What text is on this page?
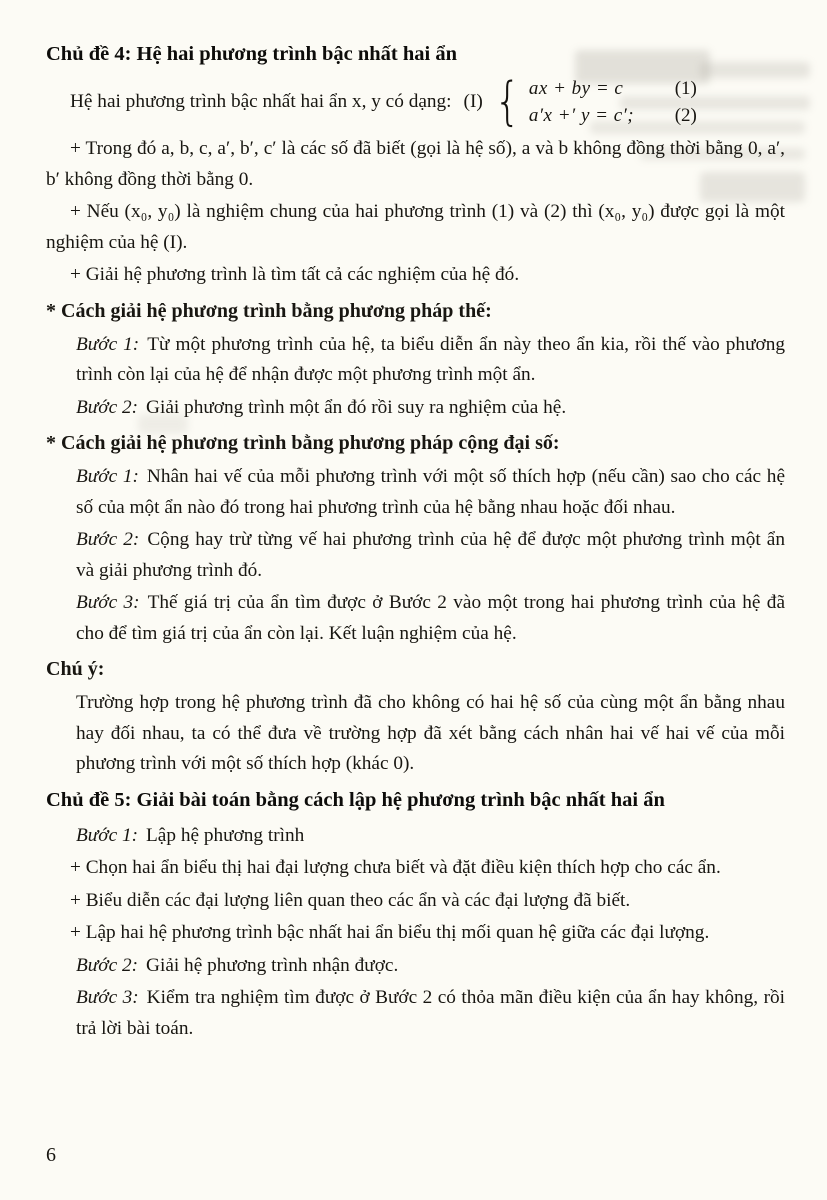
Chủ đề 4: Hệ hai phương trình bậc nhất hai ẩn

Hệ hai phương trình bậc nhất hai ẩn x, y có dạng: (I) { ax + by = c	(1)
a′x +′ y = c′;	(2)

+ Trong đó a, b, c, a′, b′, c′ là các số đã biết (gọi là hệ số), a và b không đồng thời bằng 0, a′, b′ không đồng thời bằng 0.

+ Nếu (x₀, y₀) là nghiệm chung của hai phương trình (1) và (2) thì (x₀, y₀) được gọi là một nghiệm của hệ (I).

+ Giải hệ phương trình là tìm tất cả các nghiệm của hệ đó.

* Cách giải hệ phương trình bằng phương pháp thế:

Bước 1: Từ một phương trình của hệ, ta biểu diễn ẩn này theo ẩn kia, rồi thế vào phương trình còn lại của hệ để nhận được một phương trình một ẩn.

Bước 2: Giải phương trình một ẩn đó rồi suy ra nghiệm của hệ.

* Cách giải hệ phương trình bằng phương pháp cộng đại số:

Bước 1: Nhân hai vế của mỗi phương trình với một số thích hợp (nếu cần) sao cho các hệ số của một ẩn nào đó trong hai phương trình của hệ bằng nhau hoặc đối nhau.

Bước 2: Cộng hay trừ từng vế hai phương trình của hệ để được một phương trình một ẩn và giải phương trình đó.

Bước 3: Thế giá trị của ẩn tìm được ở Bước 2 vào một trong hai phương trình của hệ đã cho để tìm giá trị của ẩn còn lại. Kết luận nghiệm của hệ.

Chú ý:

Trường hợp trong hệ phương trình đã cho không có hai hệ số của cùng một ẩn bằng nhau hay đối nhau, ta có thể đưa về trường hợp đã xét bằng cách nhân hai vế hai vế của mỗi phương trình với một số thích hợp (khác 0).

Chủ đề 5: Giải bài toán bằng cách lập hệ phương trình bậc nhất hai ẩn

Bước 1: Lập hệ phương trình

+ Chọn hai ẩn biểu thị hai đại lượng chưa biết và đặt điều kiện thích hợp cho các ẩn.

+ Biểu diễn các đại lượng liên quan theo các ẩn và các đại lượng đã biết.

+ Lập hai hệ phương trình bậc nhất hai ẩn biểu thị mối quan hệ giữa các đại lượng.

Bước 2: Giải hệ phương trình nhận được.

Bước 3: Kiểm tra nghiệm tìm được ở Bước 2 có thỏa mãn điều kiện của ẩn hay không, rồi trả lời bài toán.

6
